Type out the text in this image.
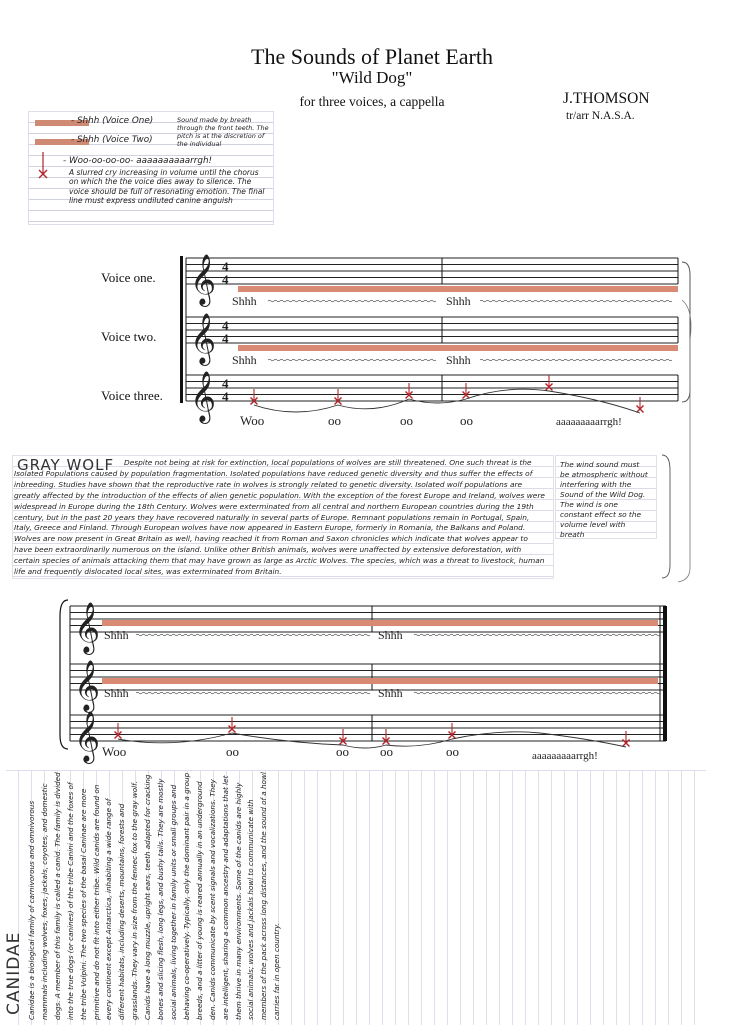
The Sounds of Planet Earth
"Wild Dog"
for three voices, a cappella	J.THOMSON
tr/arr N.A.S.A.
- Shhh (Voice One)
- Shhh (Voice Two)
Sound made by breath through the front teeth. The pitch is at the discretion of the individual
- Woo-oo-oo-oo- aaaaaaaaaarrgh!
A slurred cry increasing in volume until the chorus on which the the voice dies away to silence. The voice should be full of resonating emotion. The final line must express undiluted canine anguish
Voice one.
Voice two.
Voice three.
𝄞 4
4
𝄞 4
4
𝄞 4
4
Shhh	Shhh
Shhh	Shhh
Woo	oo	oo	oo	aaaaaaaaarrgh!
𝄞
𝄞
𝄞
Shhh	Shhh
Shhh	Shhh
Woo	oo	oo oo	oo	aaaaaaaaarrgh!
Despite not being at risk for extinction, local populations of wolves are still threatened. One such threat is the Isolated Populations caused by population fragmentation. Isolated populations have reduced genetic diversity and thus suffer the effects of inbreeding. Studies have shown that the reproductive rate in wolves is strongly related to genetic diversity. Isolated wolf populations are greatly affected by the introduction of the effects of alien genetic population. With the exception of the forest Europe and Ireland, wolves were widespread in Europe during the 18th Century. Wolves were exterminated from all central and northern European countries during the 19th century, but in the past 20 years they have recovered naturally in several parts of Europe. Remnant populations remain in Portugal, Spain, Italy, Greece and Finland. Through European wolves have now appeared in Eastern Europe, formerly in Romania, the Balkans and Poland. Wolves are now present in Great Britain as well, having reached it from Roman and Saxon chronicles which indicate that wolves appear to have been extraordinarily numerous on the island. Unlike other British animals, wolves were unaffected by extensive deforestation, with certain species of animals attacking them that may have grown as large as Arctic Wolves. The species, which was a threat to livestock, human life and frequently dislocated local sites, was exterminated from Britain.
GRAY WOLF	The wind sound must be atmospheric without interfering with the Sound of the Wild Dog. The wind is one constant effect so the volume level with breath
Canidae is a biological family of carnivorous and omnivorous mammals including wolves, foxes, jackals, coyotes, and domestic dogs. A member of this family is called a canid. The family is divided into the true dogs (or canines) of the tribe Canini and the foxes of the tribe Vulpini. The two species of the basal Caninae are more primitive and do not fit into either tribe. Wild canids are found on every continent except Antarctica, inhabiting a wide range of different habitats, including deserts, mountains, forests and grasslands. They vary in size from the fennec fox to the gray wolf. Canids have a long muzzle, upright ears, teeth adapted for cracking bones and slicing flesh, long legs, and bushy tails. They are mostly social animals, living together in family units or small groups and behaving co-operatively. Typically, only the dominant pair in a group breeds, and a litter of young is reared annually in an underground den. Canids communicate by scent signals and vocalizations. They are intelligent, sharing a common ancestry and adaptations that let them thrive in many environments. Some of the canids are highly social animals; wolves and jackals howl to communicate with members of the pack across long distances, and the sound of a howl carries far in open country.
CANIDAE
